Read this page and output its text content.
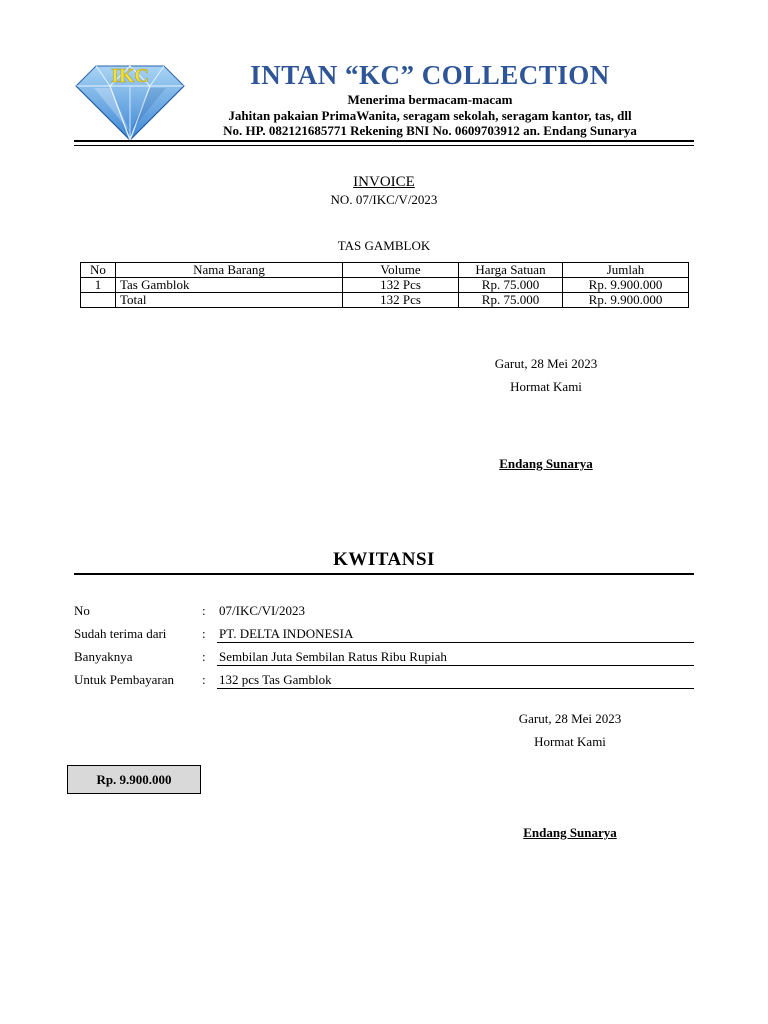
IKC	INTAN “KC” COLLECTION
Menerima bermacam-macam
Jahitan pakaian PrimaWanita, seragam sekolah, seragam kantor, tas, dll
No. HP. 082121685771 Rekening BNI No. 0609703912 an. Endang Sunarya
INVOICE
NO. 07/IKC/V/2023
TAS GAMBLOK
No	Nama Barang	Volume	Harga Satuan	Jumlah
1	Tas Gamblok	132 Pcs	Rp. 75.000	Rp. 9.900.000
	Total	132 Pcs	Rp. 75.000	Rp. 9.900.000
Garut, 28 Mei 2023
Hormat Kami
Endang Sunarya
KWITANSI
No	: 07/IKC/VI/2023
Sudah terima dari	: PT. DELTA INDONESIA
Banyaknya	: Sembilan Juta Sembilan Ratus Ribu Rupiah
Untuk Pembayaran : 132 pcs Tas Gamblok
Garut, 28 Mei 2023
Hormat Kami
Rp. 9.900.000
Endang Sunarya
